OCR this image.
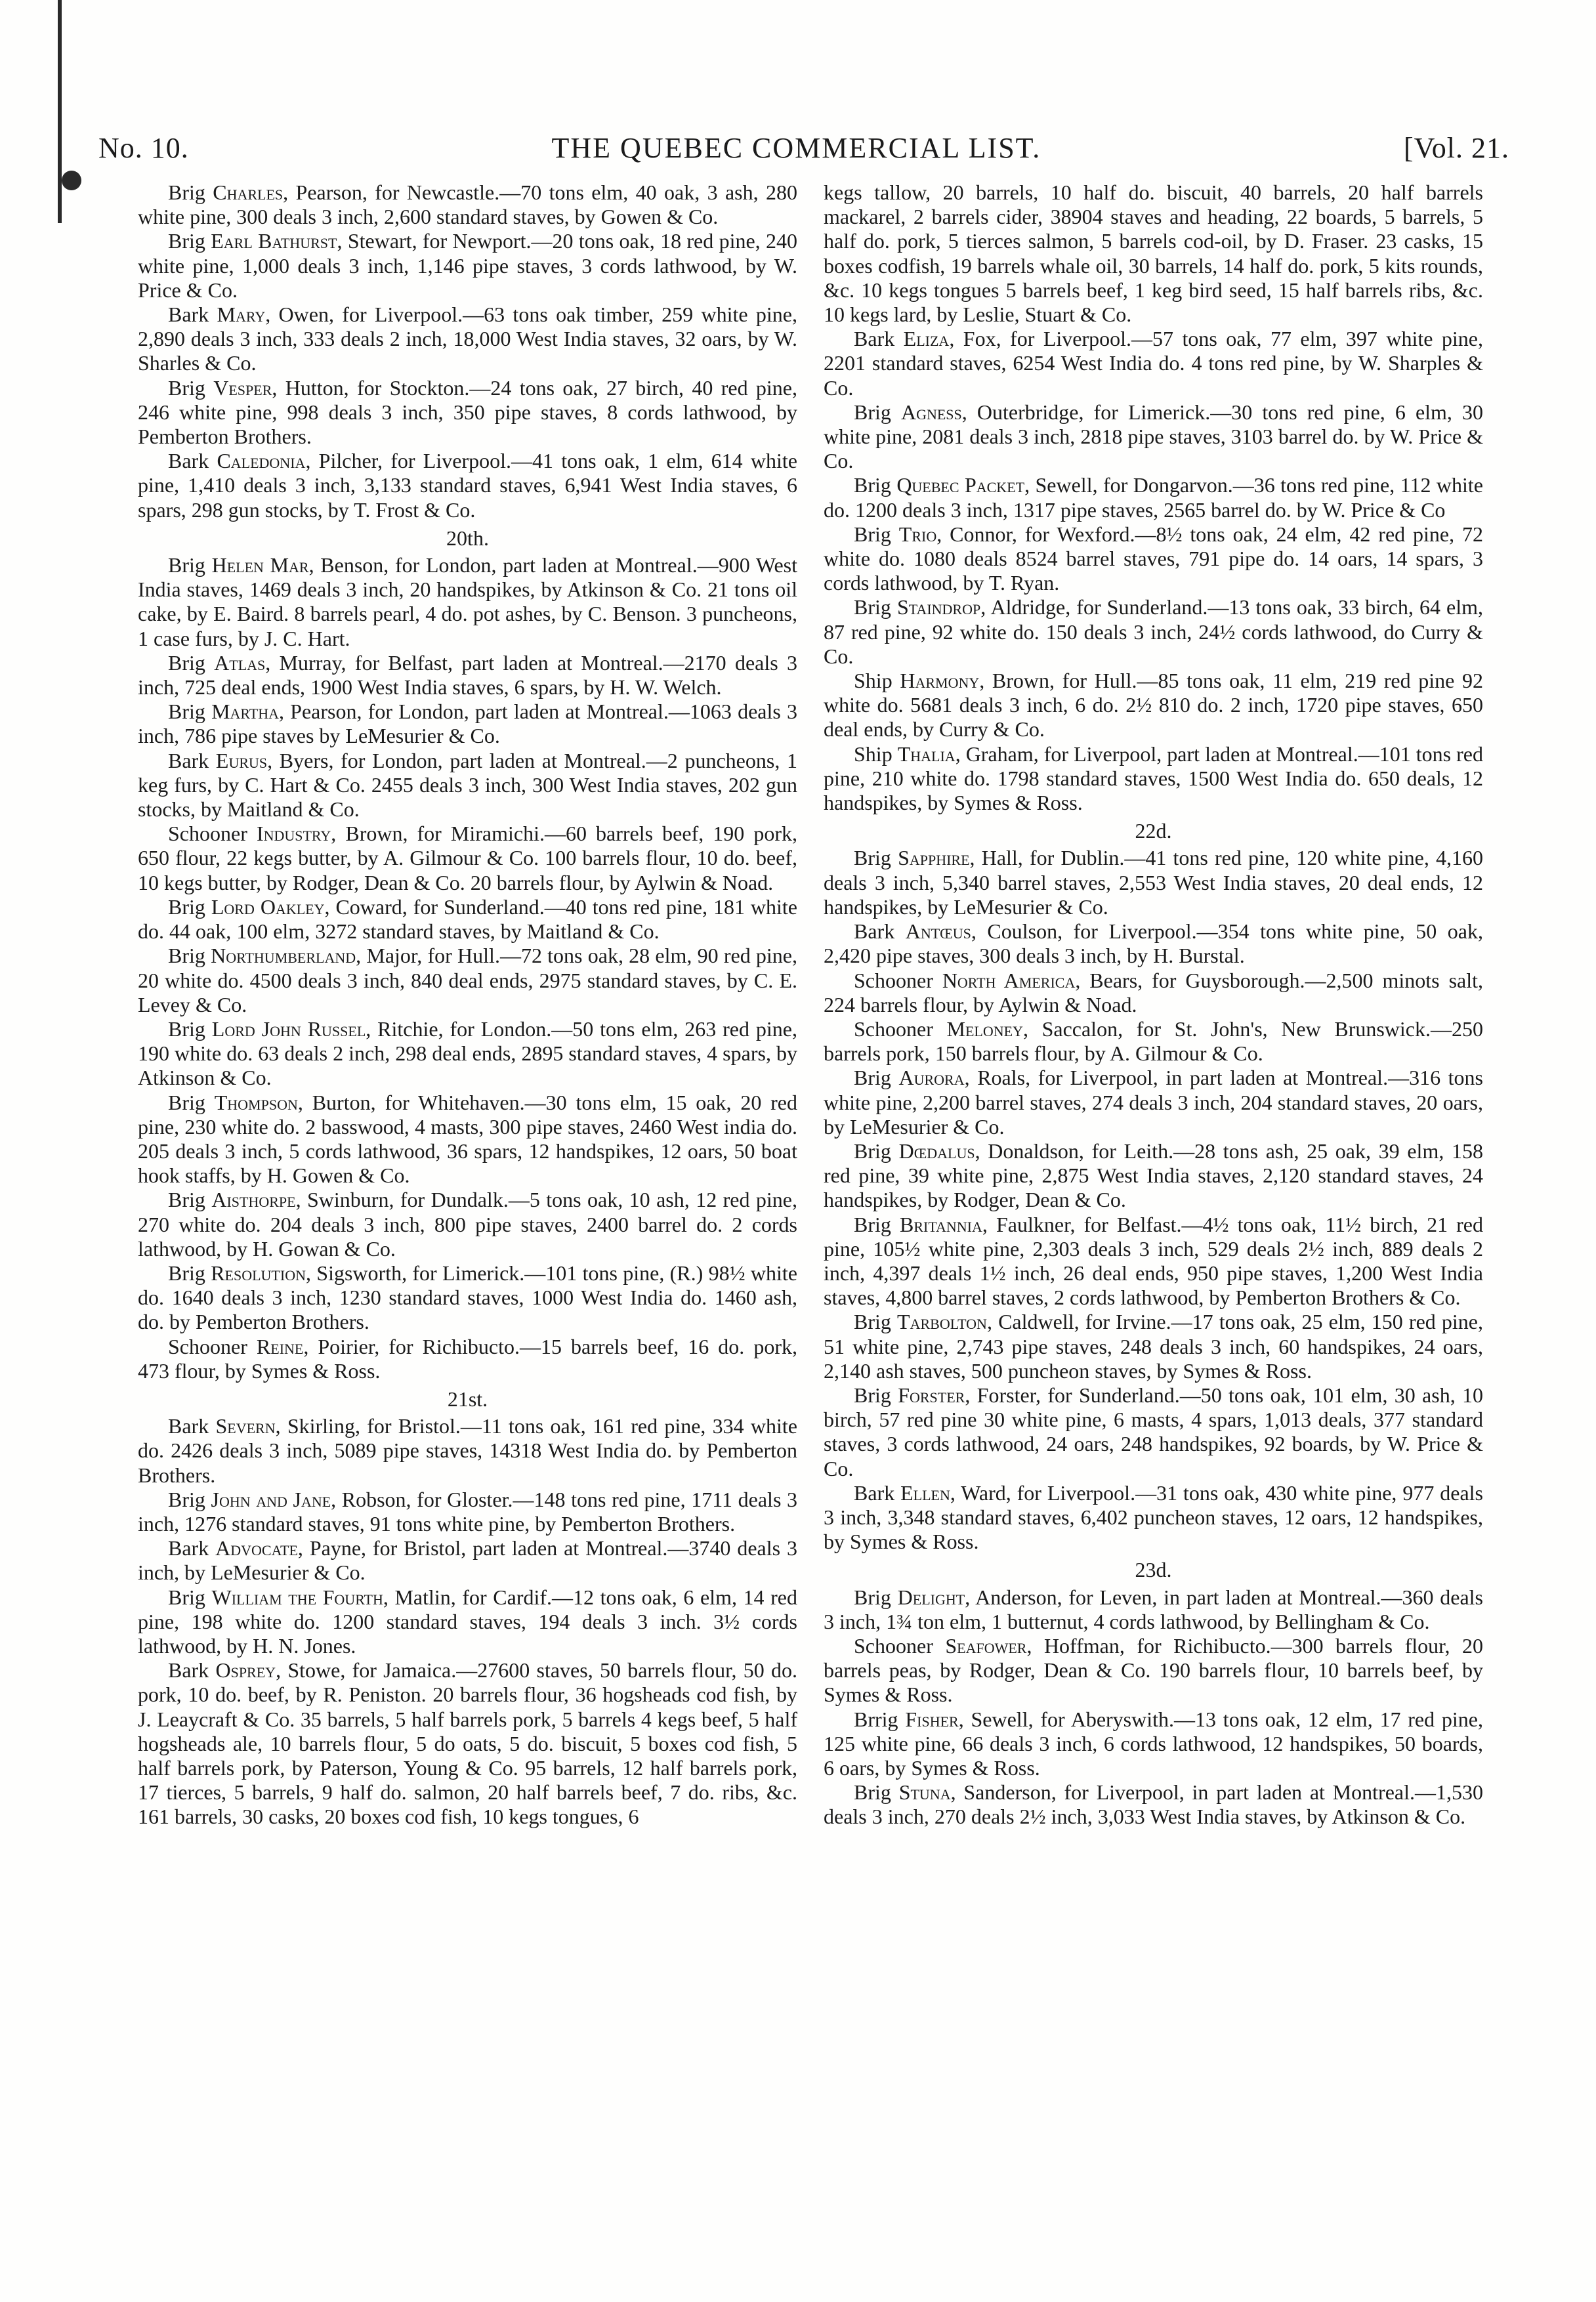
No. 10.	THE QUEBEC COMMERCIAL LIST.	[Vol. 21.

Brig Charles, Pearson, for Newcastle.—70 tons elm, 40 oak, 3 ash, 280 white pine, 300 deals 3 inch, 2,600 standard staves, by Gowen & Co.

Brig Earl Bathurst, Stewart, for Newport.—20 tons oak, 18 red pine, 240 white pine, 1,000 deals 3 inch, 1,146 pipe staves, 3 cords lathwood, by W. Price & Co.

Bark Mary, Owen, for Liverpool.—63 tons oak timber, 259 white pine, 2,890 deals 3 inch, 333 deals 2 inch, 18,000 West India staves, 32 oars, by W. Sharles & Co.

Brig Vesper, Hutton, for Stockton.—24 tons oak, 27 birch, 40 red pine, 246 white pine, 998 deals 3 inch, 350 pipe staves, 8 cords lathwood, by Pemberton Brothers.

Bark Caledonia, Pilcher, for Liverpool.—41 tons oak, 1 elm, 614 white pine, 1,410 deals 3 inch, 3,133 standard staves, 6,941 West India staves, 6 spars, 298 gun stocks, by T. Frost & Co.

20th.

Brig Helen Mar, Benson, for London, part laden at Montreal.—900 West India staves, 1469 deals 3 inch, 20 handspikes, by Atkinson & Co. 21 tons oil cake, by E. Baird. 8 barrels pearl, 4 do. pot ashes, by C. Benson. 3 puncheons, 1 case furs, by J. C. Hart.

Brig Atlas, Murray, for Belfast, part laden at Montreal.—2170 deals 3 inch, 725 deal ends, 1900 West India staves, 6 spars, by H. W. Welch.

Brig Martha, Pearson, for London, part laden at Montreal.—1063 deals 3 inch, 786 pipe staves by LeMesurier & Co.

Bark Eurus, Byers, for London, part laden at Montreal.—2 puncheons, 1 keg furs, by C. Hart & Co. 2455 deals 3 inch, 300 West India staves, 202 gun stocks, by Maitland & Co.

Schooner Industry, Brown, for Miramichi.—60 barrels beef, 190 pork, 650 flour, 22 kegs butter, by A. Gilmour & Co. 100 barrels flour, 10 do. beef, 10 kegs butter, by Rodger, Dean & Co. 20 barrels flour, by Aylwin & Noad.

Brig Lord Oakley, Coward, for Sunderland.—40 tons red pine, 181 white do. 44 oak, 100 elm, 3272 standard staves, by Maitland & Co.

Brig Northumberland, Major, for Hull.—72 tons oak, 28 elm, 90 red pine, 20 white do. 4500 deals 3 inch, 840 deal ends, 2975 standard staves, by C. E. Levey & Co.

Brig Lord John Russel, Ritchie, for London.—50 tons elm, 263 red pine, 190 white do. 63 deals 2 inch, 298 deal ends, 2895 standard staves, 4 spars, by Atkinson & Co.

Brig Thompson, Burton, for Whitehaven.—30 tons elm, 15 oak, 20 red pine, 230 white do. 2 basswood, 4 masts, 300 pipe staves, 2460 West india do. 205 deals 3 inch, 5 cords lathwood, 36 spars, 12 handspikes, 12 oars, 50 boat hook staffs, by H. Gowen & Co.

Brig Aisthorpe, Swinburn, for Dundalk.—5 tons oak, 10 ash, 12 red pine, 270 white do. 204 deals 3 inch, 800 pipe staves, 2400 barrel do. 2 cords lathwood, by H. Gowan & Co.

Brig Resolution, Sigsworth, for Limerick.—101 tons pine, (R.) 98½ white do. 1640 deals 3 inch, 1230 standard staves, 1000 West India do. 1460 ash, do. by Pemberton Brothers.

Schooner Reine, Poirier, for Richibucto.—15 barrels beef, 16 do. pork, 473 flour, by Symes & Ross.

21st.

Bark Severn, Skirling, for Bristol.—11 tons oak, 161 red pine, 334 white do. 2426 deals 3 inch, 5089 pipe staves, 14318 West India do. by Pemberton Brothers.

Brig John and Jane, Robson, for Gloster.—148 tons red pine, 1711 deals 3 inch, 1276 standard staves, 91 tons white pine, by Pemberton Brothers.

Bark Advocate, Payne, for Bristol, part laden at Montreal.—3740 deals 3 inch, by LeMesurier & Co.

Brig William the Fourth, Matlin, for Cardif.—12 tons oak, 6 elm, 14 red pine, 198 white do. 1200 standard staves, 194 deals 3 inch. 3½ cords lathwood, by H. N. Jones.

Bark Osprey, Stowe, for Jamaica.—27600 staves, 50 barrels flour, 50 do. pork, 10 do. beef, by R. Peniston. 20 barrels flour, 36 hogsheads cod fish, by J. Leaycraft & Co. 35 barrels, 5 half barrels pork, 5 barrels 4 kegs beef, 5 half hogsheads ale, 10 barrels flour, 5 do oats, 5 do. biscuit, 5 boxes cod fish, 5 half barrels pork, by Paterson, Young & Co. 95 barrels, 12 half barrels pork, 17 tierces, 5 barrels, 9 half do. salmon, 20 half barrels beef, 7 do. ribs, &c. 161 barrels, 30 casks, 20 boxes cod fish, 10 kegs tongues, 6

kegs tallow, 20 barrels, 10 half do. biscuit, 40 barrels, 20 half barrels mackarel, 2 barrels cider, 38904 staves and heading, 22 boards, 5 barrels, 5 half do. pork, 5 tierces salmon, 5 barrels cod-oil, by D. Fraser. 23 casks, 15 boxes codfish, 19 barrels whale oil, 30 barrels, 14 half do. pork, 5 kits rounds, &c. 10 kegs tongues 5 barrels beef, 1 keg bird seed, 15 half barrels ribs, &c. 10 kegs lard, by Leslie, Stuart & Co.

Bark Eliza, Fox, for Liverpool.—57 tons oak, 77 elm, 397 white pine, 2201 standard staves, 6254 West India do. 4 tons red pine, by W. Sharples & Co.

Brig Agness, Outerbridge, for Limerick.—30 tons red pine, 6 elm, 30 white pine, 2081 deals 3 inch, 2818 pipe staves, 3103 barrel do. by W. Price & Co.

Brig Quebec Packet, Sewell, for Dongarvon.—36 tons red pine, 112 white do. 1200 deals 3 inch, 1317 pipe staves, 2565 barrel do. by W. Price & Co

Brig Trio, Connor, for Wexford.—8½ tons oak, 24 elm, 42 red pine, 72 white do. 1080 deals 8524 barrel staves, 791 pipe do. 14 oars, 14 spars, 3 cords lathwood, by T. Ryan.

Brig Staindrop, Aldridge, for Sunderland.—13 tons oak, 33 birch, 64 elm, 87 red pine, 92 white do. 150 deals 3 inch, 24½ cords lathwood, do Curry & Co.

Ship Harmony, Brown, for Hull.—85 tons oak, 11 elm, 219 red pine 92 white do. 5681 deals 3 inch, 6 do. 2½ 810 do. 2 inch, 1720 pipe staves, 650 deal ends, by Curry & Co.

Ship Thalia, Graham, for Liverpool, part laden at Montreal.—101 tons red pine, 210 white do. 1798 standard staves, 1500 West India do. 650 deals, 12 handspikes, by Symes & Ross.

22d.

Brig Sapphire, Hall, for Dublin.—41 tons red pine, 120 white pine, 4,160 deals 3 inch, 5,340 barrel staves, 2,553 West India staves, 20 deal ends, 12 handspikes, by LeMesurier & Co.

Bark Antœus, Coulson, for Liverpool.—354 tons white pine, 50 oak, 2,420 pipe staves, 300 deals 3 inch, by H. Burstal.

Schooner North America, Bears, for Guysborough.—2,500 minots salt, 224 barrels flour, by Aylwin & Noad.

Schooner Meloney, Saccalon, for St. John's, New Brunswick.—250 barrels pork, 150 barrels flour, by A. Gilmour & Co.

Brig Aurora, Roals, for Liverpool, in part laden at Montreal.—316 tons white pine, 2,200 barrel staves, 274 deals 3 inch, 204 standard staves, 20 oars, by LeMesurier & Co.

Brig Dœdalus, Donaldson, for Leith.—28 tons ash, 25 oak, 39 elm, 158 red pine, 39 white pine, 2,875 West India staves, 2,120 standard staves, 24 handspikes, by Rodger, Dean & Co.

Brig Britannia, Faulkner, for Belfast.—4½ tons oak, 11½ birch, 21 red pine, 105½ white pine, 2,303 deals 3 inch, 529 deals 2½ inch, 889 deals 2 inch, 4,397 deals 1½ inch, 26 deal ends, 950 pipe staves, 1,200 West India staves, 4,800 barrel staves, 2 cords lathwood, by Pemberton Brothers & Co.

Brig Tarbolton, Caldwell, for Irvine.—17 tons oak, 25 elm, 150 red pine, 51 white pine, 2,743 pipe staves, 248 deals 3 inch, 60 handspikes, 24 oars, 2,140 ash staves, 500 puncheon staves, by Symes & Ross.

Brig Forster, Forster, for Sunderland.—50 tons oak, 101 elm, 30 ash, 10 birch, 57 red pine 30 white pine, 6 masts, 4 spars, 1,013 deals, 377 standard staves, 3 cords lathwood, 24 oars, 248 handspikes, 92 boards, by W. Price & Co.

Bark Ellen, Ward, for Liverpool.—31 tons oak, 430 white pine, 977 deals 3 inch, 3,348 standard staves, 6,402 puncheon staves, 12 oars, 12 handspikes, by Symes & Ross.

23d.

Brig Delight, Anderson, for Leven, in part laden at Montreal.—360 deals 3 inch, 1¾ ton elm, 1 butternut, 4 cords lathwood, by Bellingham & Co.

Schooner Seafower, Hoffman, for Richibucto.—300 barrels flour, 20 barrels peas, by Rodger, Dean & Co. 190 barrels flour, 10 barrels beef, by Symes & Ross.

Brrig Fisher, Sewell, for Aberyswith.—13 tons oak, 12 elm, 17 red pine, 125 white pine, 66 deals 3 inch, 6 cords lathwood, 12 handspikes, 50 boards, 6 oars, by Symes & Ross.

Brig Stuna, Sanderson, for Liverpool, in part laden at Montreal.—1,530 deals 3 inch, 270 deals 2½ inch, 3,033 West India staves, by Atkinson & Co.
